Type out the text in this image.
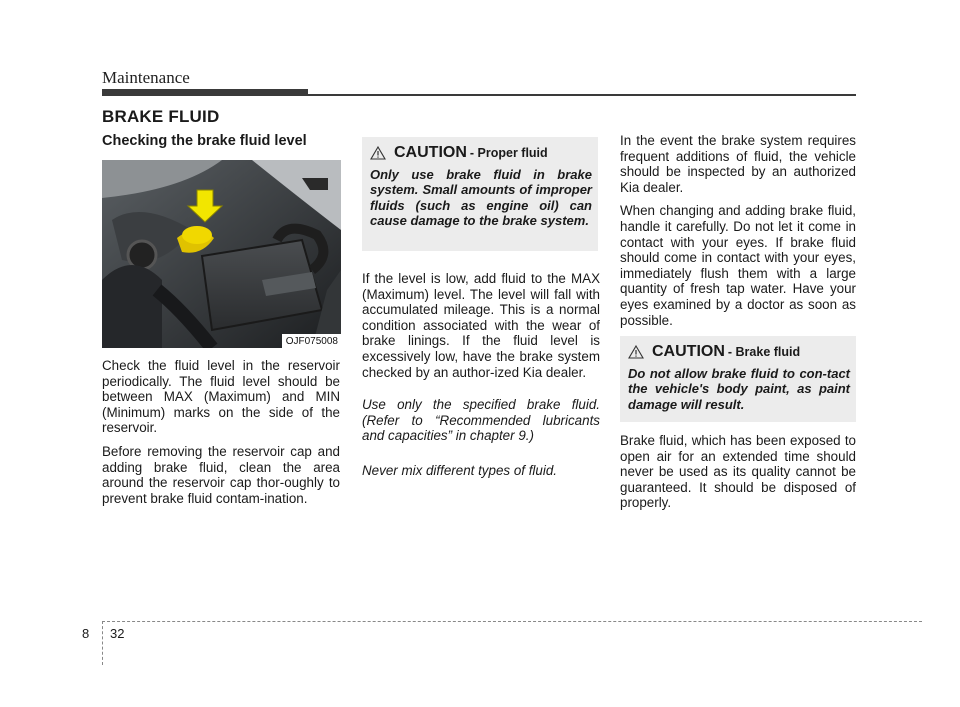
Maintenance
BRAKE FLUID
Checking the brake fluid level
OJF075008

Check the fluid level in the reservoir periodically. The fluid level should be between MAX (Maximum) and MIN (Minimum) marks on the side of the reservoir.

Before removing the reservoir cap and adding brake fluid, clean the area around the reservoir cap thor-oughly to prevent brake fluid contam-ination.

CAUTION - Proper fluid
Only use brake fluid in brake system. Small amounts of improper fluids (such as engine oil) can cause damage to the brake system.

If the level is low, add fluid to the MAX (Maximum) level. The level will fall with accumulated mileage. This is a normal condition associated with the wear of brake linings. If the fluid level is excessively low, have the brake system checked by an author-ized Kia dealer.

Use only the specified brake fluid. (Refer to “Recommended lubricants and capacities” in chapter 9.)

Never mix different types of fluid.

In the event the brake system requires frequent additions of fluid, the vehicle should be inspected by an authorized Kia dealer.

When changing and adding brake fluid, handle it carefully. Do not let it come in contact with your eyes. If brake fluid should come in contact with your eyes, immediately flush them with a large quantity of fresh tap water. Have your eyes examined by a doctor as soon as possible.

CAUTION - Brake fluid
Do not allow brake fluid to con-tact the vehicle's body paint, as paint damage will result.

Brake fluid, which has been exposed to open air for an extended time should never be used as its quality cannot be guaranteed. It should be disposed of properly.

8 32
